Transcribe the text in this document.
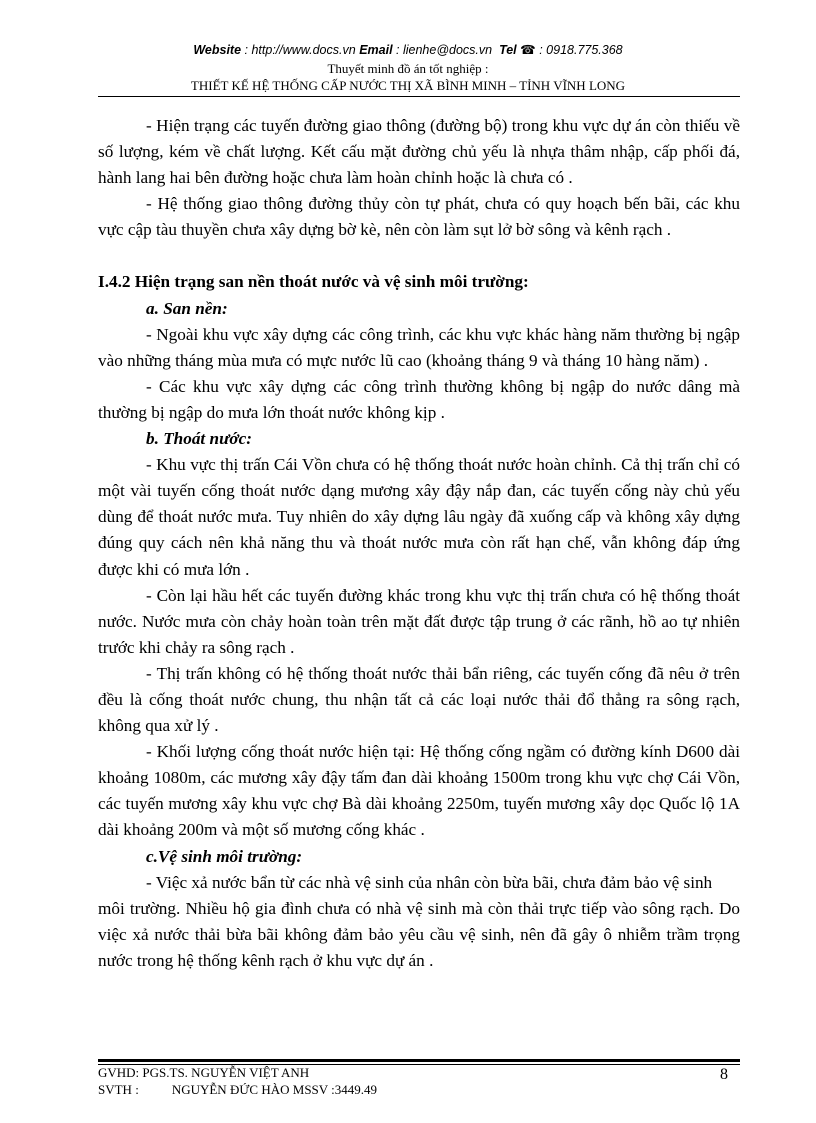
Website : http://www.docs.vn Email : lienhe@docs.vn Tel ☎ : 0918.775.368
Thuyết minh đồ án tốt nghiệp :
THIẾT KẾ HỆ THỐNG CẤP NƯỚC THỊ XÃ BÌNH MINH – TỈNH VĨNH LONG

- Hiện trạng các tuyến đường giao thông (đường bộ) trong khu vực dự án còn thiếu về số lượng, kém về chất lượng. Kết cấu mặt đường chủ yếu là nhựa thâm nhập, cấp phối đá, hành lang hai bên đường hoặc chưa làm hoàn chỉnh hoặc là chưa có .

- Hệ thống giao thông đường thủy còn tự phát, chưa có quy hoạch bến bãi, các khu vực cập tàu thuyền chưa xây dựng bờ kè, nên còn làm sụt lở bờ sông và kênh rạch .

I.4.2 Hiện trạng san nền thoát nước và vệ sinh môi trường:
a. San nền:

- Ngoài khu vực xây dựng các công trình, các khu vực khác hàng năm thường bị ngập vào những tháng mùa mưa có mực nước lũ cao (khoảng tháng 9 và tháng 10 hàng năm) .

- Các khu vực xây dựng các công trình thường không bị ngập do nước dâng mà thường bị ngập do mưa lớn thoát nước không kịp .

b. Thoát nước:

- Khu vực thị trấn Cái Vồn chưa có hệ thống thoát nước hoàn chỉnh. Cả thị trấn chỉ có một vài tuyến cống thoát nước dạng mương xây đậy nắp đan, các tuyến cống này chủ yếu dùng để thoát nước mưa. Tuy nhiên do xây dựng lâu ngày đã xuống cấp và không xây dựng đúng quy cách nên khả năng thu và thoát nước mưa còn rất hạn chế, vẫn không đáp ứng được khi có mưa lớn .

- Còn lại hầu hết các tuyến đường khác trong khu vực thị trấn chưa có hệ thống thoát nước. Nước mưa còn chảy hoàn toàn trên mặt đất được tập trung ở các rãnh, hồ ao tự nhiên trước khi chảy ra sông rạch .

- Thị trấn không có hệ thống thoát nước thải bẩn riêng, các tuyến cống đã nêu ở trên đều là cống thoát nước chung, thu nhận tất cả các loại nước thải đổ thẳng ra sông rạch, không qua xử lý .

- Khối lượng cống thoát nước hiện tại: Hệ thống cống ngầm có đường kính D600 dài khoảng 1080m, các mương xây đậy tấm đan dài khoảng 1500m trong khu vực chợ Cái Vồn, các tuyến mương xây khu vực chợ Bà dài khoảng 2250m, tuyến mương xây dọc Quốc lộ 1A dài khoảng 200m và một số mương cống khác .

c.Vệ sinh môi trường:

- Việc xả nước bẩn từ các nhà vệ sinh của nhân còn bừa bãi, chưa đảm bảo vệ sinh

môi trường. Nhiều hộ gia đình chưa có nhà vệ sinh mà còn thải trực tiếp vào sông rạch. Do việc xả nước thải bừa bãi không đảm bảo yêu cầu vệ sinh, nên đã gây ô nhiễm trầm trọng nước trong hệ thống kênh rạch ở khu vực dự án .

GVHD: PGS.TS. NGUYỄN VIỆT ANH
SVTH :	NGUYỄN ĐỨC HÀO MSSV :3449.49
8
